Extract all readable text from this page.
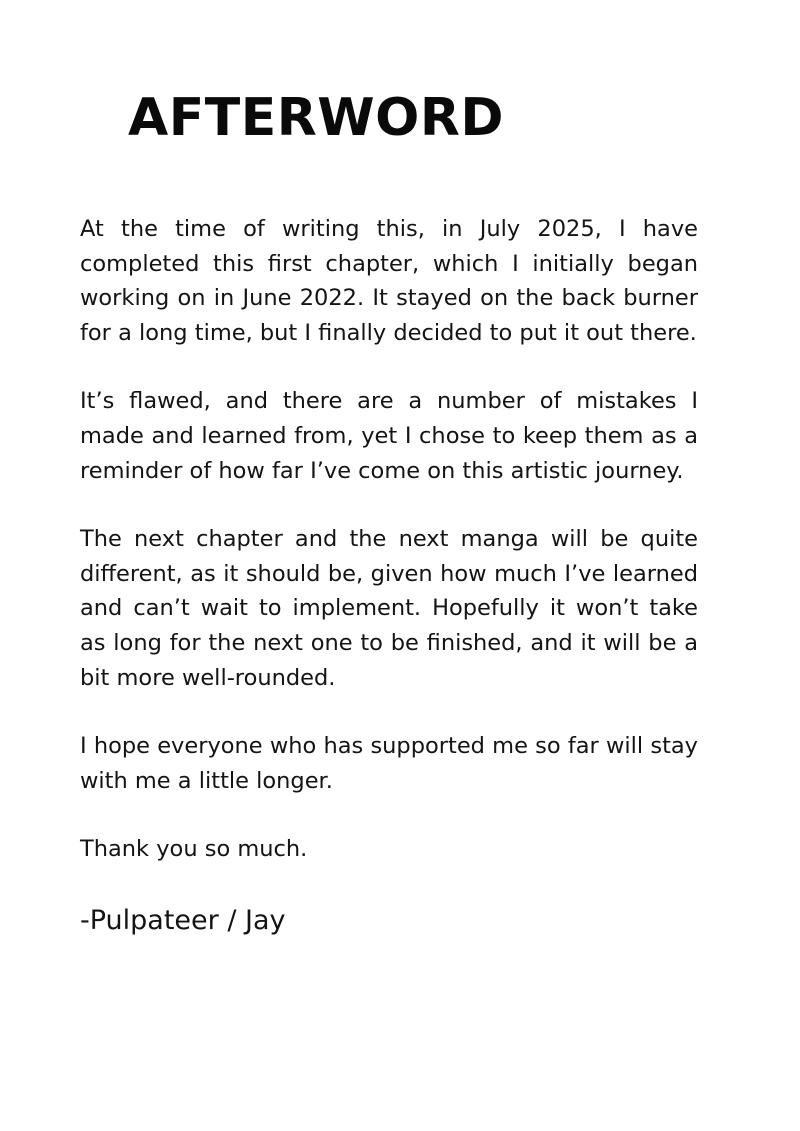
AFTERWORD

At the time of writing this, in July 2025, I have completed this first chapter, which I initially began working on in June 2022. It stayed on the back burner for a long time, but I finally decided to put it out there.

It’s flawed, and there are a number of mistakes I made and learned from, yet I chose to keep them as a reminder of how far I’ve come on this artistic journey.

The next chapter and the next manga will be quite different, as it should be, given how much I’ve learned and can’t wait to implement. Hopefully it won’t take as long for the next one to be finished, and it will be a bit more well-rounded.

I hope everyone who has supported me so far will stay with me a little longer.

Thank you so much.

-Pulpateer / Jay
